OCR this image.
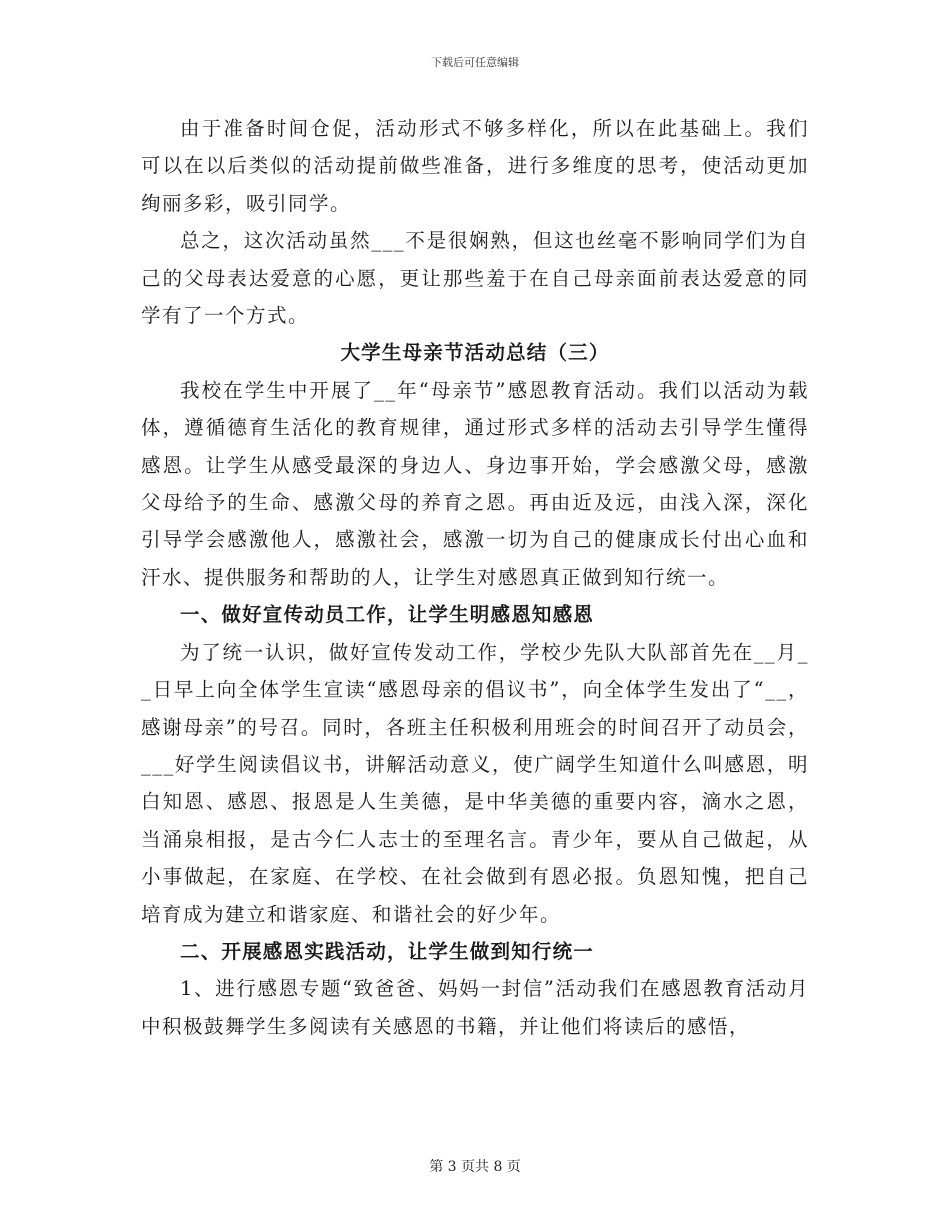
下载后可任意编辑

由于准备时间仓促，活动形式不够多样化，所以在此基础上。我们可以在以后类似的活动提前做些准备，进行多维度的思考，使活动更加绚丽多彩，吸引同学。

总之，这次活动虽然___不是很娴熟，但这也丝毫不影响同学们为自己的父母表达爱意的心愿，更让那些羞于在自己母亲面前表达爱意的同学有了一个方式。

大学生母亲节活动总结（三）

我校在学生中开展了__年“母亲节”感恩教育活动。我们以活动为载体，遵循德育生活化的教育规律，通过形式多样的活动去引导学生懂得感恩。让学生从感受最深的身边人、身边事开始，学会感激父母，感激父母给予的生命、感激父母的养育之恩。再由近及远，由浅入深，深化引导学会感激他人，感激社会，感激一切为自己的健康成长付出心血和汗水、提供服务和帮助的人，让学生对感恩真正做到知行统一。

一、做好宣传动员工作，让学生明感恩知感恩

为了统一认识，做好宣传发动工作，学校少先队大队部首先在__月__日早上向全体学生宣读“感恩母亲的倡议书”，向全体学生发出了“__，感谢母亲”的号召。同时，各班主任积极利用班会的时间召开了动员会，___好学生阅读倡议书，讲解活动意义，使广阔学生知道什么叫感恩，明白知恩、感恩、报恩是人生美德，是中华美德的重要内容，滴水之恩，当涌泉相报，是古今仁人志士的至理名言。青少年，要从自己做起，从小事做起，在家庭、在学校、在社会做到有恩必报。负恩知愧，把自己培育成为建立和谐家庭、和谐社会的好少年。

二、开展感恩实践活动，让学生做到知行统一

1、进行感恩专题“致爸爸、妈妈一封信”活动我们在感恩教育活动月中积极鼓舞学生多阅读有关感恩的书籍，并让他们将读后的感悟，

第 3 页共 8 页
